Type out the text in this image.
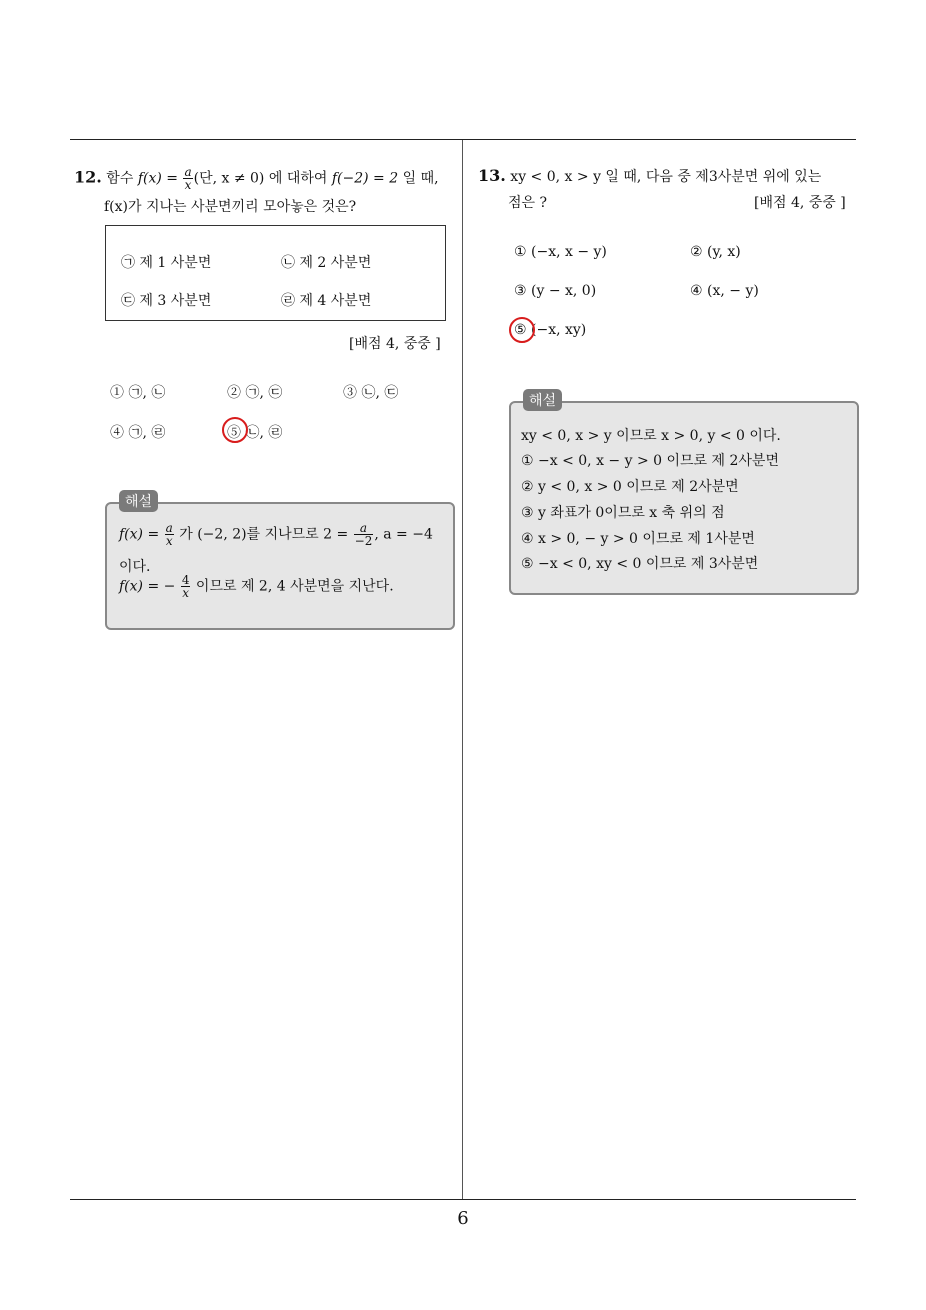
6
12. 함수 $f(x) = \frac{a}{x}$ (단, x ≠ 0) 에 대하여 f(−2) = 2 일 때,
f(x)가 지나는 사분면끼리 모아놓은 것은?
㉠ 제 1 사분면	㉡ 제 2 사분면
㉢ 제 3 사분면	㉣ 제 4 사분면
[배점 4, 중중 ]
① ㉠, ㉡	② ㉠, ㉢	③ ㉡, ㉢
④ ㉠, ㉣	⑤ ㉡, ㉣
해설
$f(x) = \frac{a}{x}$ 가 (−2, 2)를 지나므로 $2 = \frac{a}{-2}$ , a = −4
이다.
f(x) = − $\frac{4}{x}$ 이므로 제 2, 4 사분면을 지난다.
13. xy < 0, x > y 일 때, 다음 중 제3사분면 위에 있는
점은 ?	[배점 4, 중중 ]
① (−x, x − y)	② (y, x)
③ (y − x, 0)	④ (x, − y)
⑤ (−x, xy)
해설
xy < 0, x > y 이므로 x > 0, y < 0 이다.
① −x < 0, x − y > 0 이므로 제 2사분면
② y < 0, x > 0 이므로 제 2사분면
③ y 좌표가 0이므로 x 축 위의 점
④ x > 0, − y > 0 이므로 제 1사분면
⑤ −x < 0, xy < 0 이므로 제 3사분면
